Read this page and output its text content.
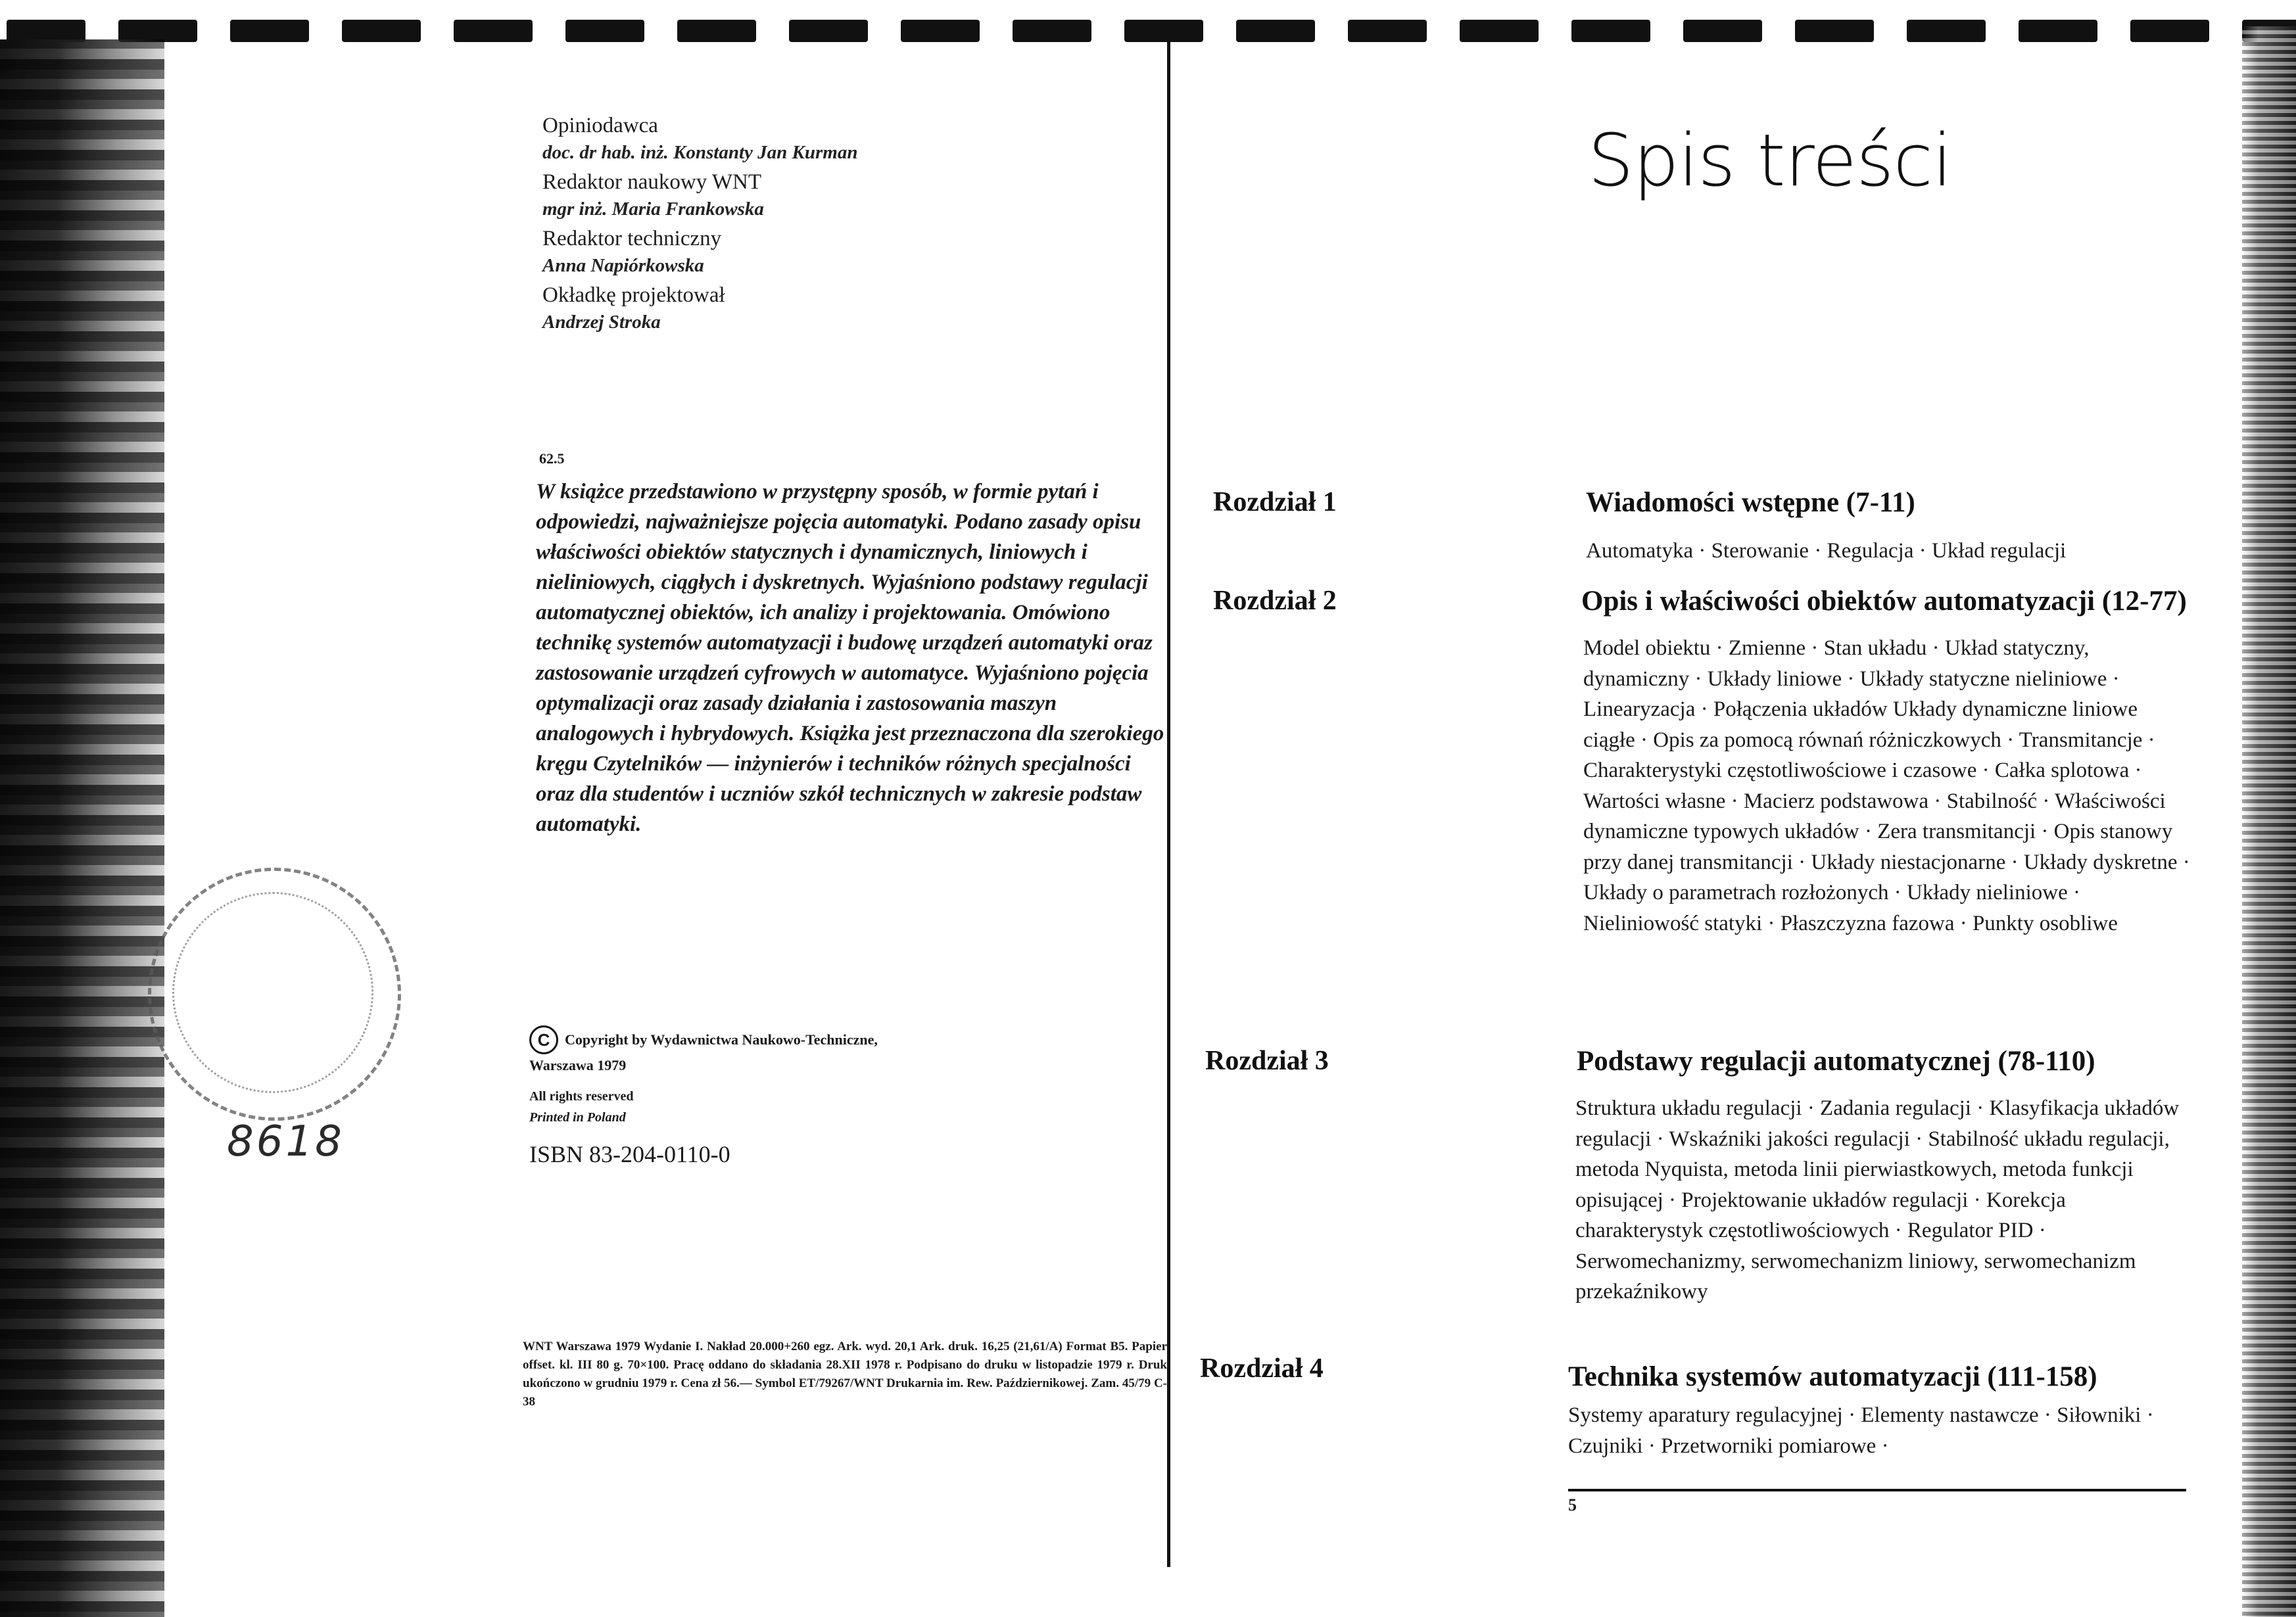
8618
Opiniodawca
doc. dr hab. inż. Konstanty Jan Kurman
Redaktor naukowy WNT
mgr inż. Maria Frankowska
Redaktor techniczny
Anna Napiórkowska
Okładkę projektował
Andrzej Stroka
62.5
W książce przedstawiono w przystępny sposób, w formie pytań i odpowiedzi, najważniejsze pojęcia automatyki. Podano zasady opisu właściwości obiektów statycznych i dynamicznych, liniowych i nieliniowych, ciągłych i dyskretnych. Wyjaśniono podstawy regulacji automatycznej obiektów, ich analizy i projektowania. Omówiono technikę systemów automatyzacji i budowę urządzeń automatyki oraz zastosowanie urządzeń cyfrowych w automatyce. Wyjaśniono pojęcia optymalizacji oraz zasady działania i zastosowania maszyn analogowych i hybrydowych. Książka jest przeznaczona dla szerokiego kręgu Czytelników — inżynierów i techników różnych specjalności oraz dla studentów i uczniów szkół technicznych w zakresie podstaw automatyki.
C	Copyright by Wydawnictwa Naukowo-Techniczne,
Warszawa 1979
All rights reserved
Printed in Poland
ISBN 83-204-0110-0
WNT Warszawa 1979 Wydanie I. Nakład 20.000+260 egz. Ark. wyd. 20,1 Ark. druk. 16,25 (21,61/A) Format B5. Papier offset. kl. III 80 g. 70×100. Pracę oddano do składania 28.XII 1978 r. Podpisano do druku w listopadzie 1979 r. Druk ukończono w grudniu 1979 r. Cena zł 56.— Symbol ET/79267/WNT Drukarnia im. Rew. Październikowej. Zam. 45/79 C-38
Spis treści
Rozdział 1	Wiadomości wstępne (7-11)
Automatyka · Sterowanie · Regulacja · Układ regulacji
Rozdział 2	Opis i właściwości obiektów automatyzacji (12-77)
Model obiektu · Zmienne · Stan układu · Układ statyczny, dynamiczny · Układy liniowe · Układy statyczne nieliniowe · Linearyzacja · Połączenia układów Układy dynamiczne liniowe ciągłe · Opis za pomocą równań różniczkowych · Transmitancje · Charakterystyki częstotliwościowe i czasowe · Całka splotowa · Wartości własne · Macierz podstawowa · Stabilność · Właściwości dynamiczne typowych układów · Zera transmitancji · Opis stanowy przy danej transmitancji · Układy niestacjonarne · Układy dyskretne · Układy o parametrach rozłożonych · Układy nieliniowe · Nieliniowość statyki · Płaszczyzna fazowa · Punkty osobliwe
Rozdział 3	Podstawy regulacji automatycznej (78-110)
Struktura układu regulacji · Zadania regulacji · Klasyfikacja układów regulacji · Wskaźniki jakości regulacji · Stabilność układu regulacji, metoda Nyquista, metoda linii pierwiastkowych, metoda funkcji opisującej · Projektowanie układów regulacji · Korekcja charakterystyk częstotliwościowych · Regulator PID · Serwomechanizmy, serwomechanizm liniowy, serwomechanizm przekaźnikowy
Rozdział 4	Technika systemów automatyzacji (111-158)
Systemy aparatury regulacyjnej · Elementy nastawcze · Siłowniki · Czujniki · Przetworniki pomiarowe ·
5
